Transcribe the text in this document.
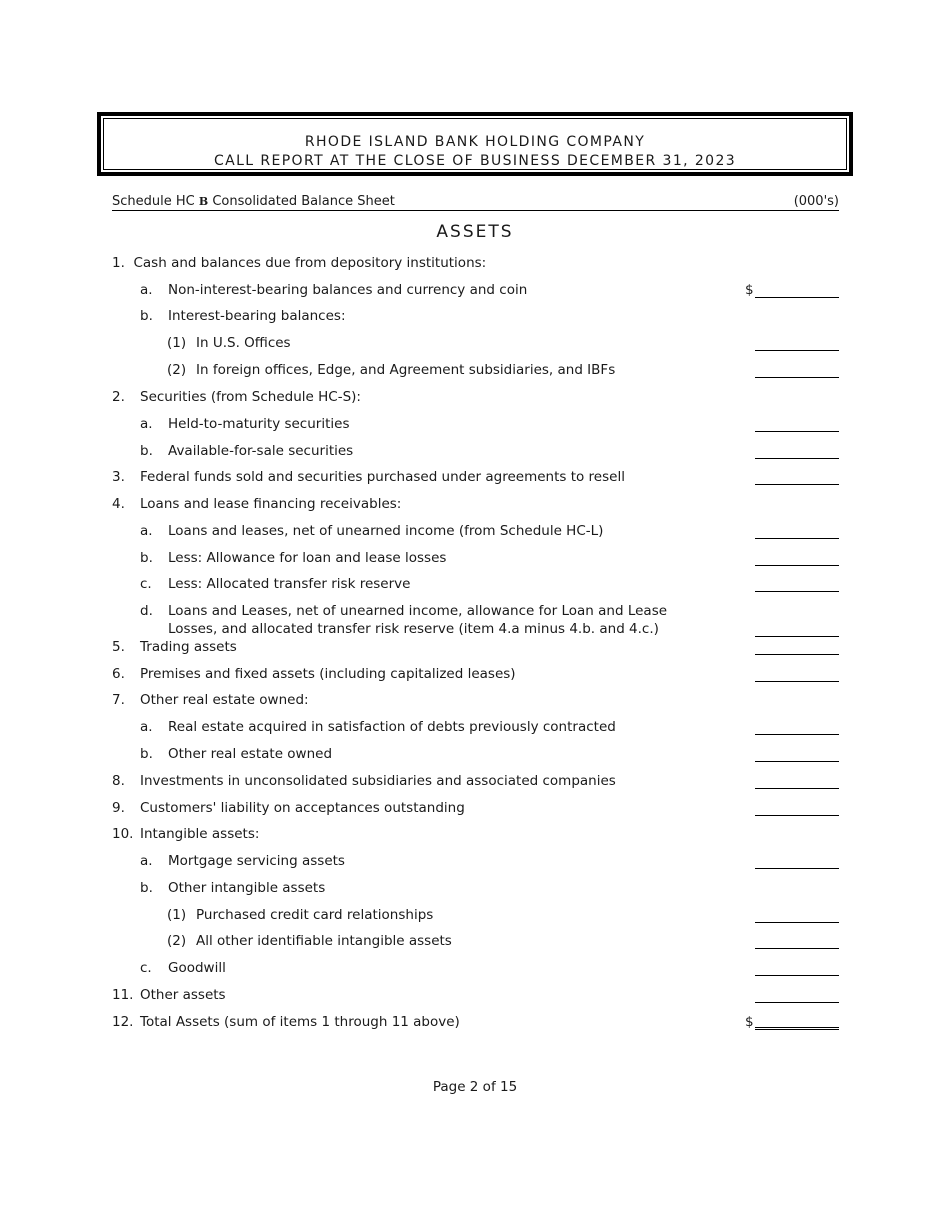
RHODE ISLAND BANK HOLDING COMPANY
CALL REPORT AT THE CLOSE OF BUSINESS DECEMBER 31, 2023
Schedule HC B Consolidated Balance Sheet	(000's)
ASSETS
1. Cash and balances due from depository institutions:
a. Non-interest-bearing balances and currency and coin	$
b. Interest-bearing balances:
(1) In U.S. Offices
(2) In foreign offices, Edge, and Agreement subsidiaries, and IBFs
2. Securities (from Schedule HC-S):
a. Held-to-maturity securities
b. Available-for-sale securities
3. Federal funds sold and securities purchased under agreements to resell
4. Loans and lease financing receivables:
a. Loans and leases, net of unearned income (from Schedule HC-L)
b. Less: Allowance for loan and lease losses
c. Less: Allocated transfer risk reserve
d. Loans and Leases, net of unearned income, allowance for Loan and Lease
Losses, and allocated transfer risk reserve (item 4.a minus 4.b. and 4.c.)
5. Trading assets
6. Premises and fixed assets (including capitalized leases)
7. Other real estate owned:
a. Real estate acquired in satisfaction of debts previously contracted
b. Other real estate owned
8. Investments in unconsolidated subsidiaries and associated companies
9. Customers' liability on acceptances outstanding
10. Intangible assets:
a. Mortgage servicing assets
b. Other intangible assets
(1) Purchased credit card relationships
(2) All other identifiable intangible assets
c. Goodwill
11. Other assets
12. Total Assets (sum of items 1 through 11 above)	$
Page 2 of 15
